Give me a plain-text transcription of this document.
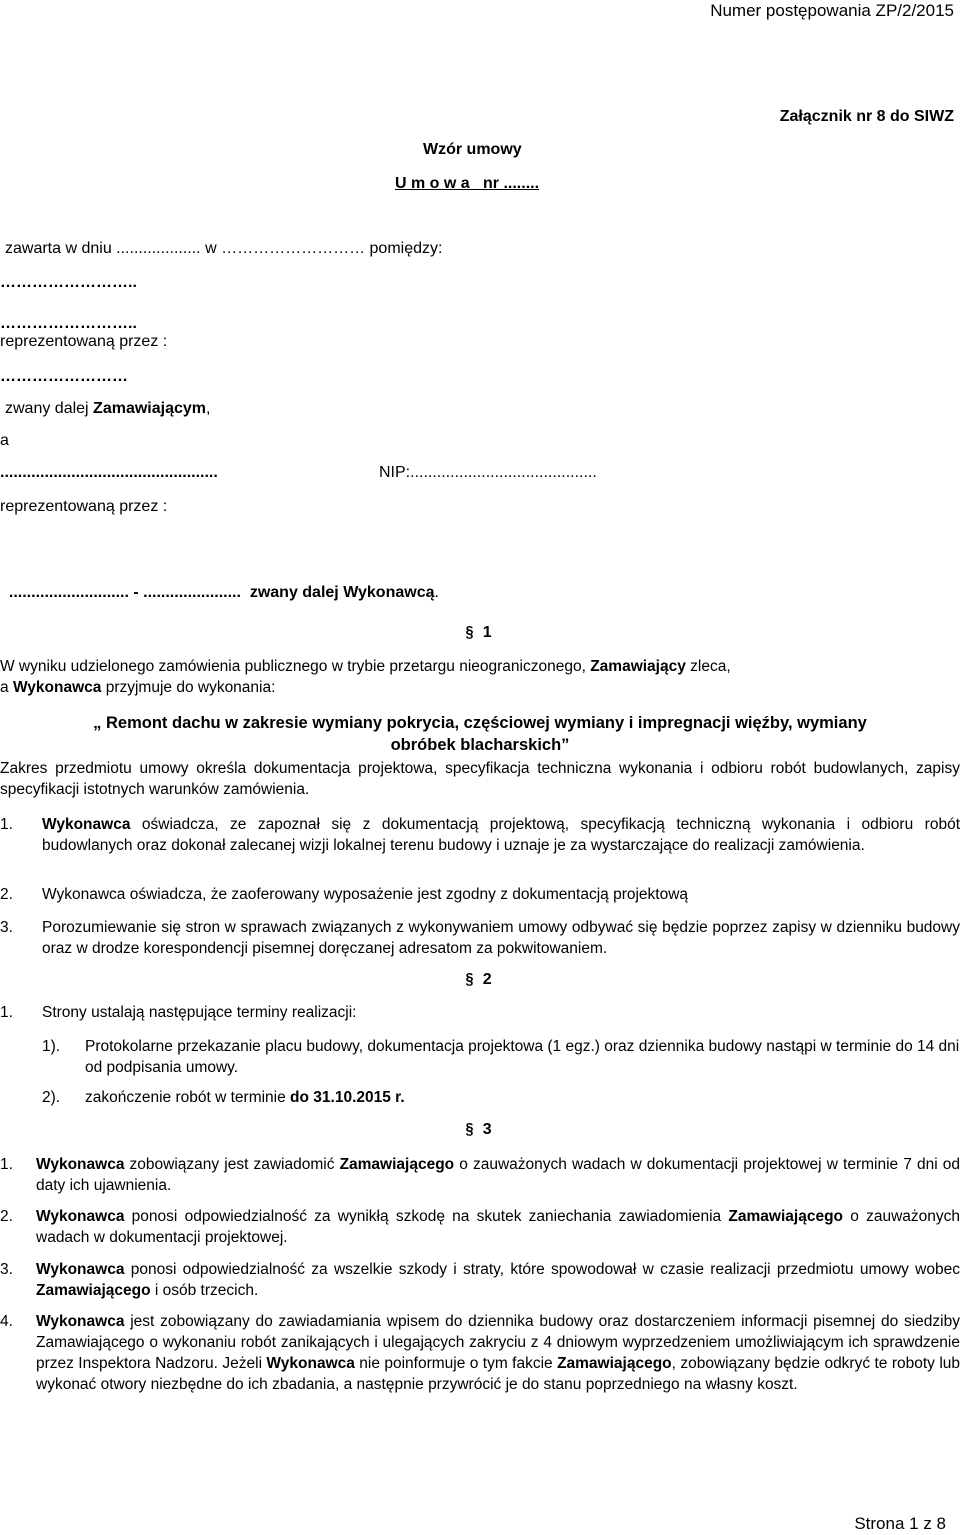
Numer postępowania ZP/2/2015
Załącznik nr 8 do SIWZ
Wzór umowy
U m o w a   nr ........
zawarta w dniu ................... w ……………………… pomiędzy:
……………………..
……………………..
reprezentowaną przez :
……………………
zwany dalej Zamawiającym,
a
.................................................	NIP:..........................................
reprezentowaną przez :

........................... - ......................  zwany dalej Wykonawcą.

§ 1
W wyniku udzielonego zamówienia publicznego w trybie przetargu nieograniczonego, Zamawiający zleca,
a Wykonawca przyjmuje do wykonania:
„ Remont dachu w zakresie wymiany pokrycia, częściowej wymiany i impregnacji więźby, wymiany
obróbek blacharskich”
Zakres przedmiotu umowy określa dokumentacja projektowa, specyfikacja techniczna wykonania i odbioru robót budowlanych, zapisy specyfikacji istotnych warunków zamówienia.
1. Wykonawca oświadcza, ze zapoznał się z dokumentacją projektową, specyfikacją techniczną wykonania i odbioru robót budowlanych oraz dokonał zalecanej wizji lokalnej terenu budowy i uznaje je za wystarczające do realizacji zamówienia.
2. Wykonawca oświadcza, że zaoferowany wyposażenie jest zgodny z dokumentacją projektową
3. Porozumiewanie się stron w sprawach związanych z wykonywaniem umowy odbywać się będzie poprzez zapisy w dzienniku budowy oraz w drodze korespondencji pisemnej doręczanej adresatom za pokwitowaniem.
§ 2
1. Strony ustalają następujące terminy realizacji:
1). Protokolarne przekazanie placu budowy, dokumentacja projektowa (1 egz.) oraz dziennika budowy nastąpi w terminie do 14 dni od podpisania umowy.
2). zakończenie robót w terminie do 31.10.2015 r.
§ 3
1. Wykonawca zobowiązany jest zawiadomić Zamawiającego o zauważonych wadach w dokumentacji projektowej w terminie 7 dni od daty ich ujawnienia.
2. Wykonawca ponosi odpowiedzialność za wynikłą szkodę na skutek zaniechania zawiadomienia Zamawiającego o zauważonych wadach w dokumentacji projektowej.
3. Wykonawca ponosi odpowiedzialność za wszelkie szkody i straty, które spowodował w czasie realizacji przedmiotu umowy wobec Zamawiającego i osób trzecich.
4. Wykonawca jest zobowiązany do zawiadamiania wpisem do dziennika budowy oraz dostarczeniem informacji pisemnej do siedziby Zamawiającego o wykonaniu robót zanikających i ulegających zakryciu z 4 dniowym wyprzedzeniem umożliwiającym ich sprawdzenie przez Inspektora Nadzoru. Jeżeli Wykonawca nie poinformuje o tym fakcie Zamawiającego, zobowiązany będzie odkryć te roboty lub wykonać otwory niezbędne do ich zbadania, a następnie przywrócić je do stanu poprzedniego na własny koszt.
Strona 1 z 8
